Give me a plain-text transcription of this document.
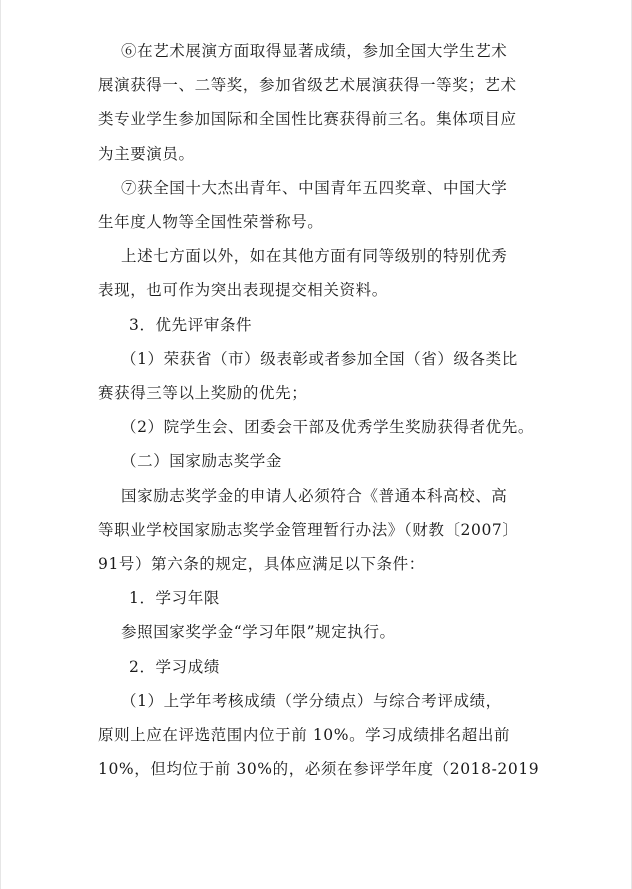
⑥在艺术展演方面取得显著成绩，参加全国大学生艺术
展演获得一、二等奖，参加省级艺术展演获得一等奖；艺术
类专业学生参加国际和全国性比赛获得前三名。集体项目应
为主要演员。

⑦获全国十大杰出青年、中国青年五四奖章、中国大学
生年度人物等全国性荣誉称号。

上述七方面以外，如在其他方面有同等级别的特别优秀
表现，也可作为突出表现提交相关资料。

3．优先评审条件

（1）荣获省（市）级表彰或者参加全国（省）级各类比
赛获得三等以上奖励的优先；

（2）院学生会、团委会干部及优秀学生奖励获得者优先。

（二）国家励志奖学金

国家励志奖学金的申请人必须符合《普通本科高校、高
等职业学校国家励志奖学金管理暂行办法》（财教〔2007〕
91号）第六条的规定，具体应满足以下条件：

1．学习年限

参照国家奖学金“学习年限”规定执行。

2．学习成绩

（1）上学年考核成绩（学分绩点）与综合考评成绩，
原则上应在评选范围内位于前 10%。学习成绩排名超出前
10%，但均位于前 30%的，必须在参评学年度（2018-2019
